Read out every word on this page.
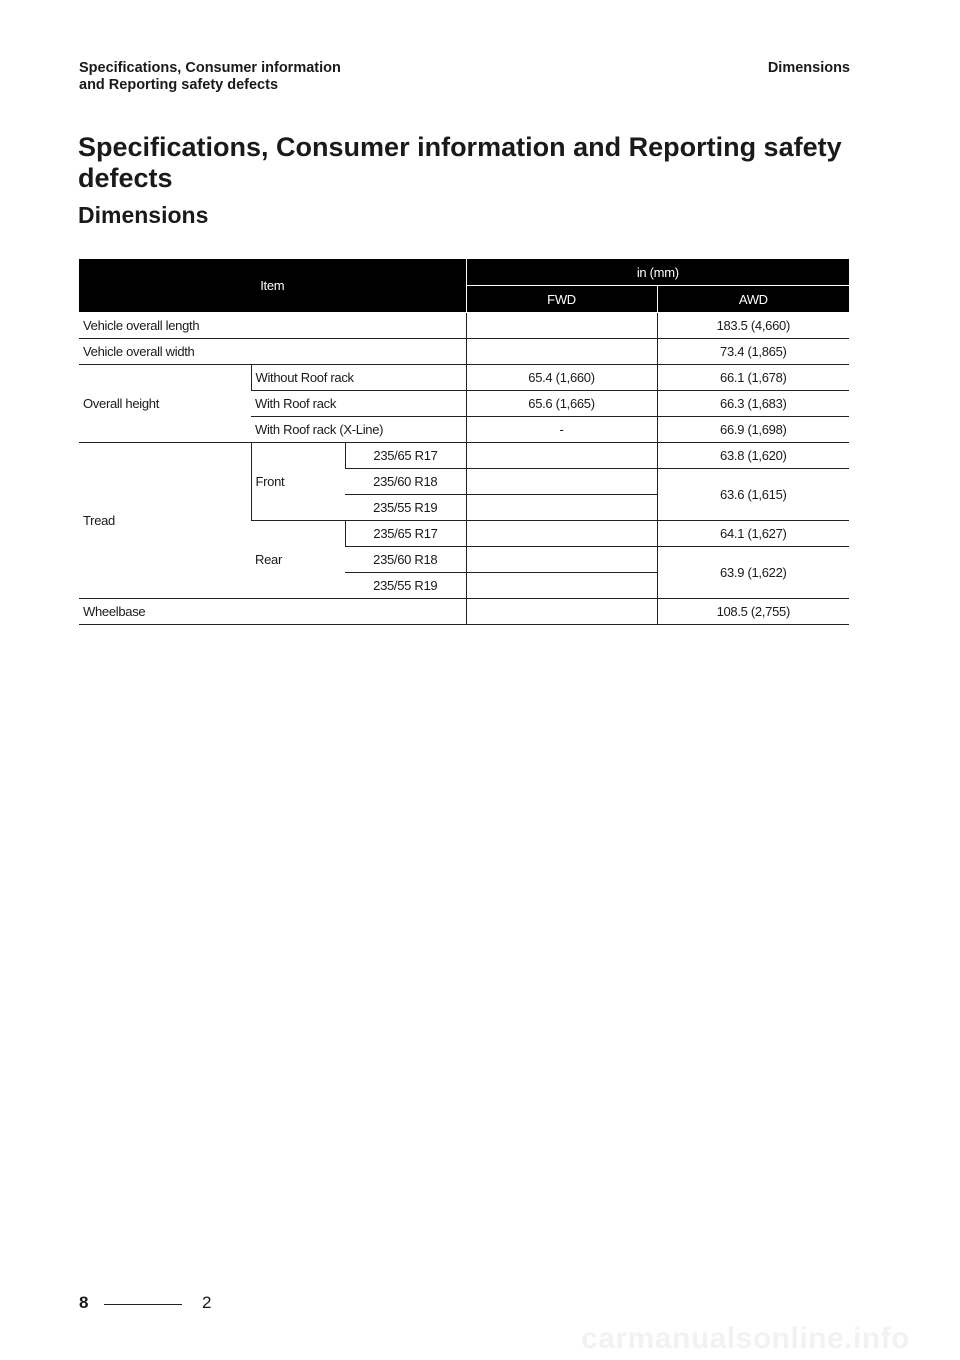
Specifications, Consumer information
and Reporting safety defects
Dimensions
Specifications, Consumer information and Reporting safety defects
Dimensions
Item			in (mm)	
			FWD	AWD
Vehicle overall length				183.5 (4,660)
Vehicle overall width				73.4 (1,865)
Overall height	Without Roof rack		65.4 (1,660)	66.1 (1,678)
	With Roof rack		65.6 (1,665)	66.3 (1,683)
	With Roof rack (X-Line)		-	66.9 (1,698)
Tread	Front	235/65 R17		63.8 (1,620)
		235/60 R18		63.6 (1,615)
		235/55 R19		
	Rear	235/65 R17		64.1 (1,627)
		235/60 R18		63.9 (1,622)
		235/55 R19		
Wheelbase				108.5 (2,755)
8	2
carmanualsonline.info
